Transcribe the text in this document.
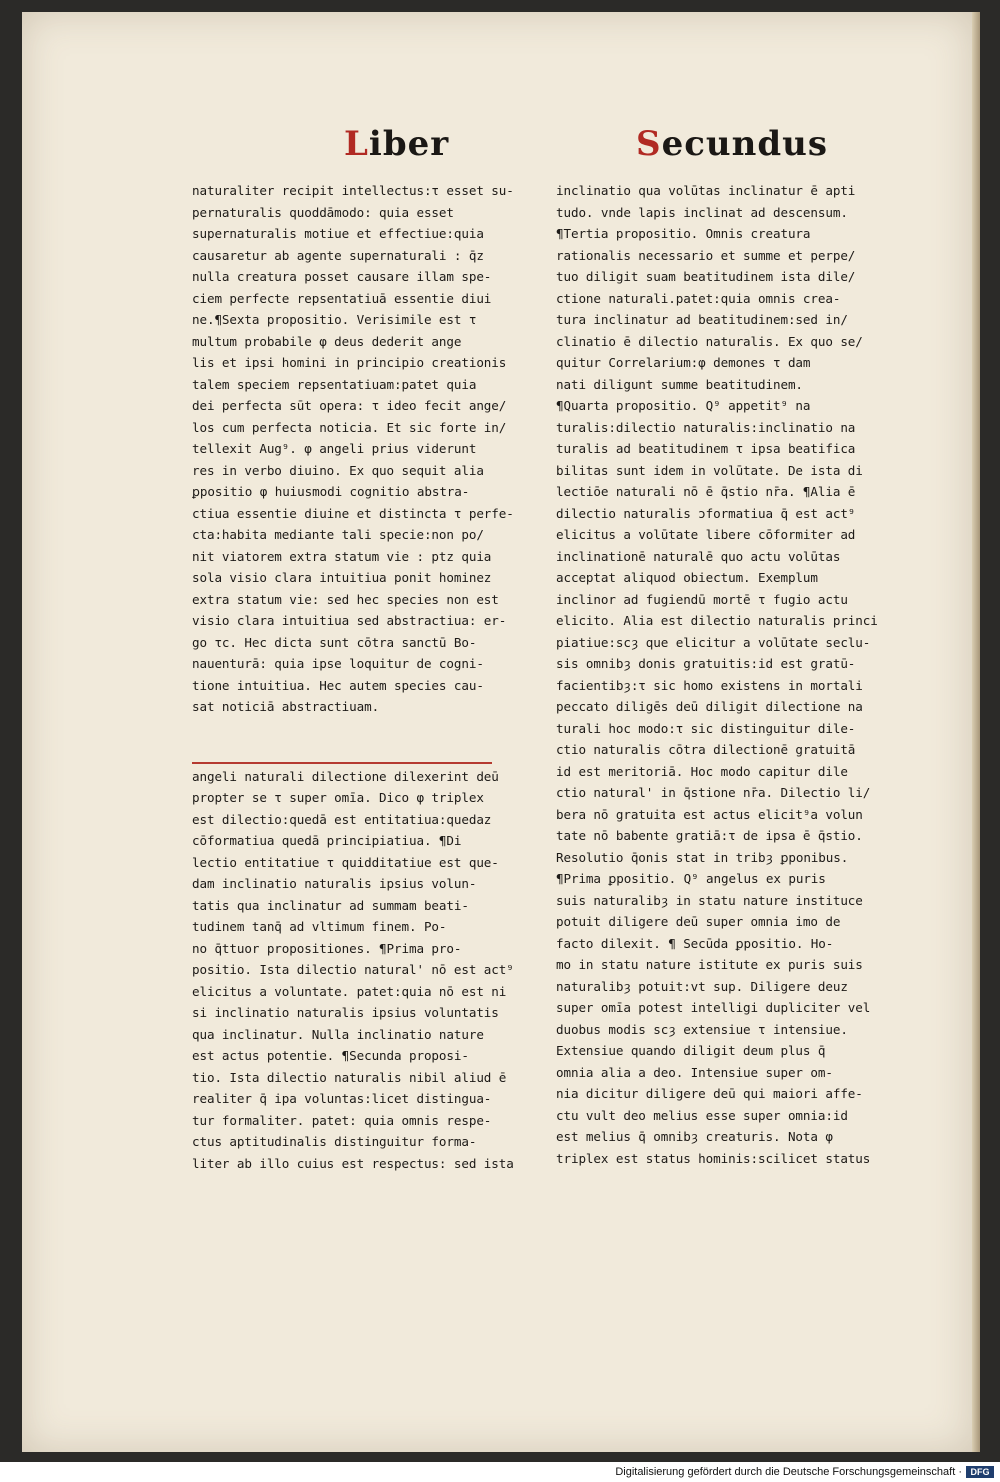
Liber	Secundus
naturaliter recipit intellectus:τ esset su-
pernaturalis quoddāmodo: quia esset
supernaturalis motiue et effectiue:quia
causaretur ab agente supernaturali : q̄z
nulla creatura posset causare illam spe-
ciem perfecte repsentatiuā essentie diui
ne.¶Sexta propositio. Verisimile est τ
multum probabile φ deus dederit ange
lis et ipsi homini in principio creationis
talem speciem repsentatiuam:patet quia
dei perfecta sūt opera: τ ideo fecit ange/
los cum perfecta noticia. Et sic forte in/
tellexit Aug⁹. φ angeli prius viderunt
res in verbo diuino. Ex quo sequit alia
ꝑpositio φ huiusmodi cognitio abstra-
ctiua essentie diuine et distincta τ perfe-
cta:habita mediante tali specie:non po/
nit viatorem extra statum vie : ptz quia
sola visio clara intuitiua ponit hominez
extra statum vie: sed hec species non est
visio clara intuitiua sed abstractiua: er-
go τc. Hec dicta sunt cōtra sanctū Bo-
nauenturā: quia ipse loquitur de cogni-
tione intuitiua. Hec autem species cau-
sat noticiā abstractiuam.

angeli naturali dilectione dilexerint deū
propter se τ super omīa. Dico φ triplex
est dilectio:quedā est entitatiua:quedaz
cōformatiua quedā principiatiua. ¶Di
lectio entitatiue τ quidditatiue est que-
dam inclinatio naturalis ipsius volun-
tatis qua inclinatur ad summam beati-
tudinem tanq̄ ad vltimum finem. Po-
no q̄ttuor propositiones. ¶Prima pro-
positio. Ista dilectio natural' nō est act⁹
elicitus a voluntate. patet:quia nō est ni
si inclinatio naturalis ipsius voluntatis
qua inclinatur. Nulla inclinatio nature
est actus potentie. ¶Secunda proposi-
tio. Ista dilectio naturalis nibil aliud ē
realiter q̄ ipa voluntas:licet distingua-
tur formaliter. patet: quia omnis respe-
ctus aptitudinalis distinguitur forma-
liter ab illo cuius est respectus: sed ista
inclinatio qua volūtas inclinatur ē apti
tudo. vnde lapis inclinat ad descensum.
¶Tertia propositio. Omnis creatura
rationalis necessario et summe et perpe/
tuo diligit suam beatitudinem ista dile/
ctione naturali.patet:quia omnis crea-
tura inclinatur ad beatitudinem:sed in/
clinatio ē dilectio naturalis. Ex quo se/
quitur Correlarium:φ demones τ dam
nati diligunt summe beatitudinem.
¶Quarta propositio. Q⁹ appetit⁹ na
turalis:dilectio naturalis:inclinatio na
turalis ad beatitudinem τ ipsa beatifica
bilitas sunt idem in volūtate. De ista di
lectiōe naturali nō ē q̄stio nr̄a. ¶Alia ē
dilectio naturalis ɔformatiua q̄ est act⁹
elicitus a volūtate libere cōformiter ad
inclinationē naturalē quo actu volūtas
acceptat aliquod obiectum. Exemplum
inclinor ad fugiendū mortē τ fugio actu
elicito. Alia est dilectio naturalis princi
piatiue:scȝ que elicitur a volūtate seclu-
sis omnibȝ donis gratuitis:id est gratū-
facientibȝ:τ sic homo existens in mortali
peccato diligēs deū diligit dilectione na
turali hoc modo:τ sic distinguitur dile-
ctio naturalis cōtra dilectionē gratuitā
id est meritoriā. Hoc modo capitur dile
ctio natural' in q̄stione nr̄a. Dilectio li/
bera nō gratuita est actus elicit⁹a volun
tate nō babente gratiā:τ de ipsa ē q̄stio.
Resolutio q̄onis stat in tribȝ ꝑponibus.
¶Prima ꝑpositio. Q⁹ angelus ex puris
suis naturalibȝ in statu nature instituce
potuit diligere deū super omnia imo de
facto dilexit. ¶ Secūda ꝑpositio. Ho-
mo in statu nature istitute ex puris suis
naturalibȝ potuit:vt sup. Diligere deuz
super omīa potest intelligi dupliciter vel
duobus modis scȝ extensiue τ intensiue.
Extensiue quando diligit deum plus q̄
omnia alia a deo. Intensiue super om-
nia dicitur diligere deū qui maiori affe-
ctu vult deo melius esse super omnia:id
est melius q̄ omnibȝ creaturis. Nota φ
triplex est status hominis:scilicet status
Digitalisierung gefördert durch die Deutsche Forschungsgemeinschaft · DFG
